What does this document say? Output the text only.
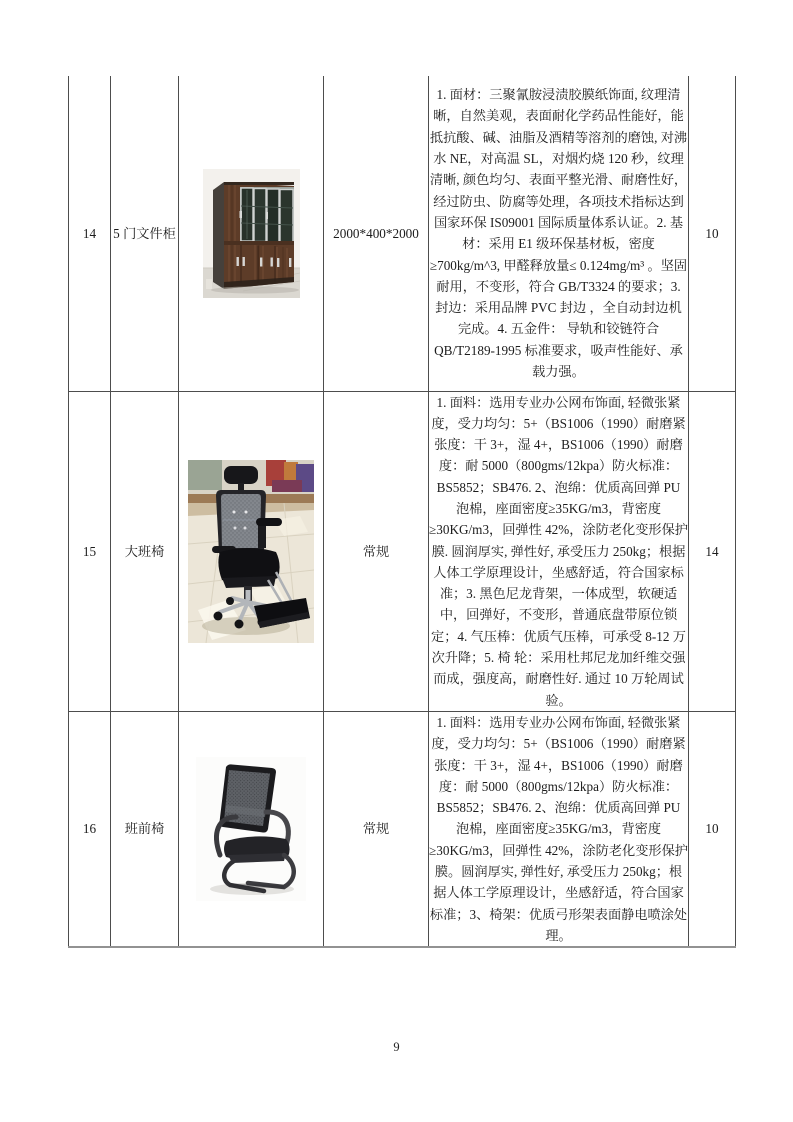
14	5 门文件柜		2000*400*2000	1. 面材：三聚氰胺浸渍胶膜纸饰面, 纹理清晰，自然美观，表面耐化学药品性能好，能抵抗酸、碱、油脂及酒精等溶剂的磨蚀, 对沸水 NE，对高温 SL，对烟灼烧 120 秒，纹理清晰, 颜色均匀、表面平整光滑、耐磨性好，经过防虫、防腐等处理，各项技术指标达到国家环保 IS09001 国际质量体系认证。2. 基材：采用 E1 级环保基材板，密度≥700kg/m^3, 甲醛释放量≤ 0.124mg/m³ 。坚固耐用，不变形，符合 GB/T3324 的要求；3. 封边：采用品牌 PVC 封边 ，全自动封边机完成。4. 五金件： 导轨和铰链符合 QB/T2189-1995 标准要求，吸声性能好、承载力强。	10
15	大班椅		常规	1. 面料：选用专业办公网布饰面, 轻微张紧度，受力均匀：5+（BS1006（1990）耐磨紧张度：干 3+，湿 4+，BS1006（1990）耐磨度：耐 5000（800gms/12kpa）防火标准：BS5852；SB476. 2、泡绵：优质高回弹 PU 泡棉，座面密度≥35KG/m3，背密度≥30KG/m3，回弹性 42%，涂防老化变形保护膜. 圆润厚实, 弹性好, 承受压力 250kg；根据人体工学原理设计，坐感舒适，符合国家标准；3. 黑色尼龙背架，一体成型，软硬适中，回弹好，不变形，普通底盘带原位锁定；4. 气压棒：优质气压棒，可承受 8-12 万次升降；5. 椅 轮：采用杜邦尼龙加纤维交强而成，强度高，耐磨性好. 通过 10 万轮周试验。	14
16	班前椅		常规	1. 面料：选用专业办公网布饰面, 轻微张紧度，受力均匀：5+（BS1006（1990）耐磨紧张度：干 3+，湿 4+，BS1006（1990）耐磨度：耐 5000（800gms/12kpa）防火标准：BS5852；SB476. 2、泡绵：优质高回弹 PU 泡棉，座面密度≥35KG/m3，背密度≥30KG/m3，回弹性 42%，涂防老化变形保护膜。圆润厚实, 弹性好, 承受压力 250kg；根据人体工学原理设计，坐感舒适，符合国家标准；3、椅架：优质弓形架表面静电喷涂处理。	10
9
